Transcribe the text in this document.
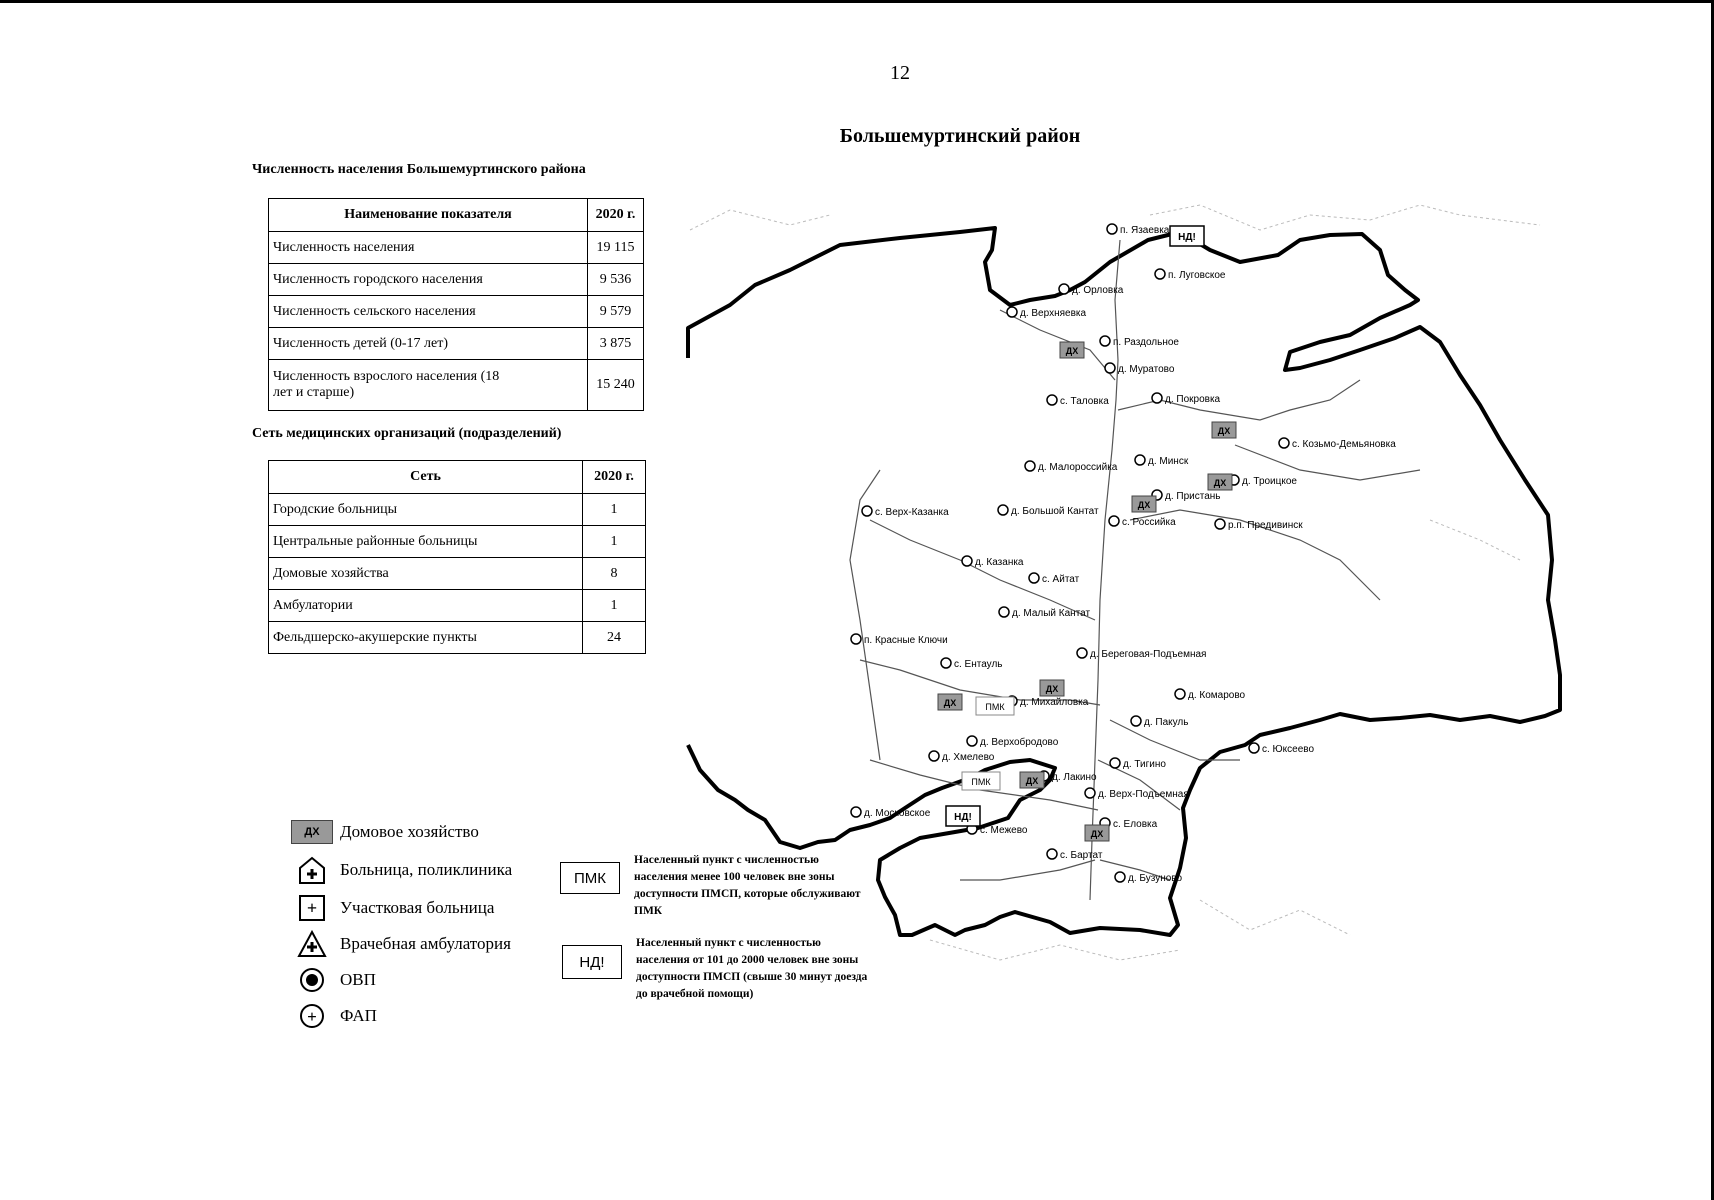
12
Большемуртинский район
Численность населения Большемуртинского района
Наименование показателя	2020 г.
Численность населения	19 115
Численность городского населения	9 536
Численность сельского населения	9 579
Численность детей (0-17 лет)	3 875
Численность взрослого населения (18 лет и старше)	15 240
Сеть медицинских организаций (подразделений)
Сеть	2020 г.
Городские больницы	1
Центральные районные больницы	1
Домовые хозяйства	8
Амбулатории	1
Фельдшерско-акушерские пункты	24
п. Язаевка
п. Луговское
д. Орловка
д. Верхняевка
п. Раздольное
д. Муратово
с. Таловка	д. Покровка
с. Козьмо-Демьяновка
д. Малороссийка
д. Минск
д. Троицкое
д. Большой Кантат
д. Пристань
с. Российка	р.п. Предивинск
с. Верх-Казанка
д. Казанка
с. Айтат
д. Малый Кантат
п. Красные Ключи
с. Ентауль
д. Береговая-Подъемная
д. Михайловка
д. Комарово
д. Пакуль
д. Верхобродово
д. Хмелево
с. Юксеево
д. Тигино
д. Лакино
д. Верх-Подъемная
д. Московское
с. Межево
с. Еловка
с. Бартат
д. Бузуново
ДХ
ДХ
ДХ
ДХ
ДХ
ДХ
ДХ
ДХ
ПМК
ПМК
НД!
НД!
ДХ	Домовое хозяйство
Больница, поликлиника
+	Участковая больница
Врачебная амбулатория
ОВП
+	ФАП
ПМК
Населенный пункт с численностью населения менее 100 человек вне зоны доступности ПМСП, которые обслуживают ПМК
НД!
Населенный пункт с численностью населения от 101 до 2000 человек вне зоны доступности ПМСП (свыше 30 минут доезда до врачебной помощи)
